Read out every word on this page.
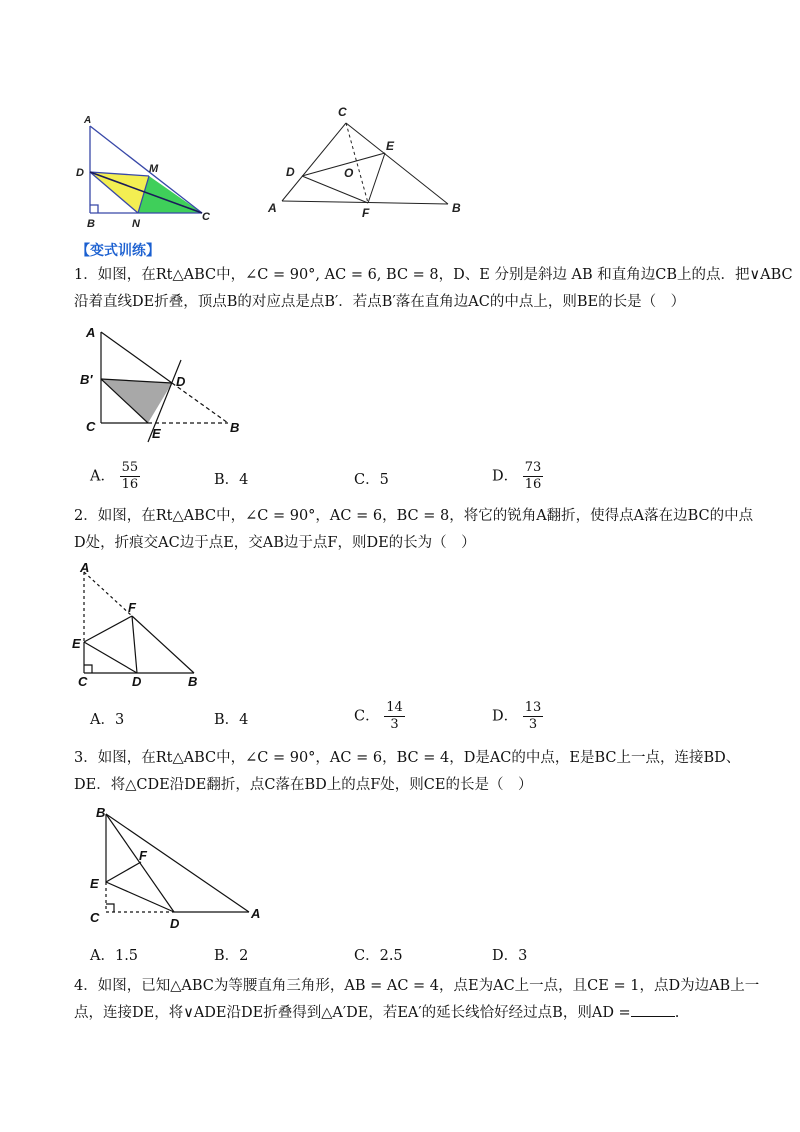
A
D	M
B	N
C
C
E
D	O
A	F	B
【变式训练】
1．如图，在Rt△ABC中，∠C = 90°, AC = 6, BC = 8，D、E 分别是斜边 AB 和直角边CB上的点．把∨ABC
沿着直线DE折叠，顶点B的对应点是点B′．若点B′落在直角边AC的中点上，则BE的长是（　）
A
B′	D
C	E	B
A． $\frac{55}{16}$	B．4	C．5	D． $\frac{73}{16}$
2．如图，在Rt△ABC中，∠C = 90°，AC = 6，BC = 8，将它的锐角A翻折，使得点A落在边BC的中点
D处，折痕交AC边于点E，交AB边于点F，则DE的长为（　）
A
F
E
C	D	B
A．3	B．4	C． $\frac{14}{3}$	D． $\frac{13}{3}$
3．如图，在Rt△ABC中，∠C = 90°，AC = 6，BC = 4，D是AC的中点，E是BC上一点，连接BD、
DE．将△CDE沿DE翻折，点C落在BD上的点F处，则CE的长是（　）
B
F
E
C	D
A
A．1.5	B．2	C．2.5	D．3
4．如图，已知△ABC为等腰直角三角形，AB = AC = 4，点E为AC上一点，且CE = 1，点D为边AB上一
点，连接DE，将∨ADE沿DE折叠得到△A′DE，若EA′的延长线恰好经过点B，则AD =	.
